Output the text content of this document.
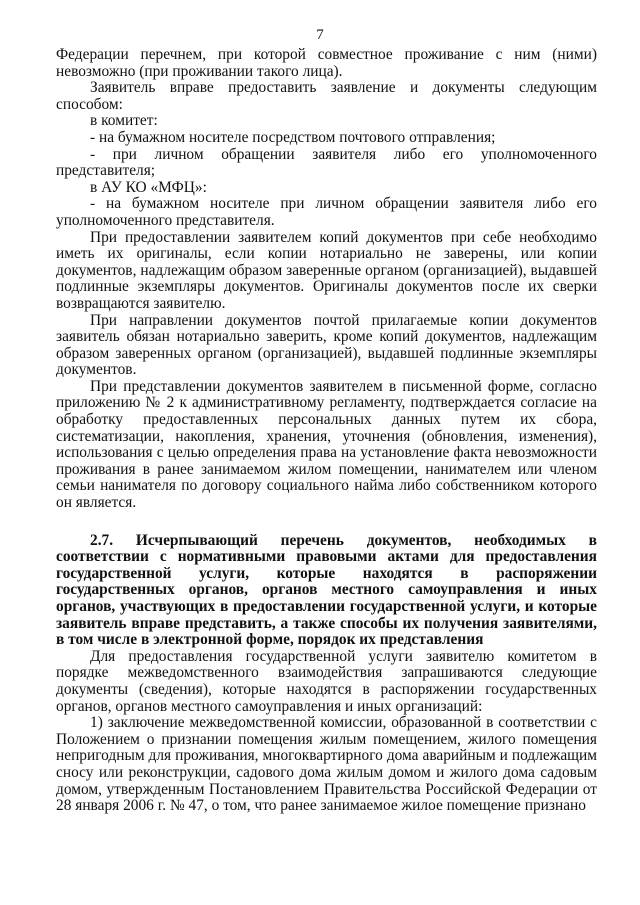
7

Федерации перечнем, при которой совместное проживание с ним (ними) невозможно (при проживании такого лица).

Заявитель вправе предоставить заявление и документы следующим способом:

в комитет:

- на бумажном носителе посредством почтового отправления;

- при личном обращении заявителя либо его уполномоченного представителя;

в АУ КО «МФЦ»:

- на бумажном носителе при личном обращении заявителя либо его уполномоченного представителя.

При предоставлении заявителем копий документов при себе необходимо иметь их оригиналы, если копии нотариально не заверены, или копии документов, надлежащим образом заверенные органом (организацией), выдавшей подлинные экземпляры документов. Оригиналы документов после их сверки возвращаются заявителю.

При направлении документов почтой прилагаемые копии документов заявитель обязан нотариально заверить, кроме копий документов, надлежащим образом заверенных органом (организацией), выдавшей подлинные экземпляры документов.

При представлении документов заявителем в письменной форме, согласно приложению № 2 к административному регламенту, подтверждается согласие на обработку предоставленных персональных данных путем их сбора, систематизации, накопления, хранения, уточнения (обновления, изменения), использования с целью определения права на установление факта невозможности проживания в ранее занимаемом жилом помещении, нанимателем или членом семьи нанимателя по договору социального найма либо собственником которого он является.

2.7. Исчерпывающий перечень документов, необходимых в соответствии с нормативными правовыми актами для предоставления государственной услуги, которые находятся в распоряжении государственных органов, органов местного самоуправления и иных органов, участвующих в предоставлении государственной услуги, и которые заявитель вправе представить, а также способы их получения заявителями, в том числе в электронной форме, порядок их представления

Для предоставления государственной услуги заявителю комитетом в порядке межведомственного взаимодействия запрашиваются следующие документы (сведения), которые находятся в распоряжении государственных органов, органов местного самоуправления и иных организаций:

1) заключение межведомственной комиссии, образованной в соответствии с Положением о признании помещения жилым помещением, жилого помещения непригодным для проживания, многоквартирного дома аварийным и подлежащим сносу или реконструкции, садового дома жилым домом и жилого дома садовым домом, утвержденным Постановлением Правительства Российской Федерации от 28 января 2006 г. № 47, о том, что ранее занимаемое жилое помещение признано
